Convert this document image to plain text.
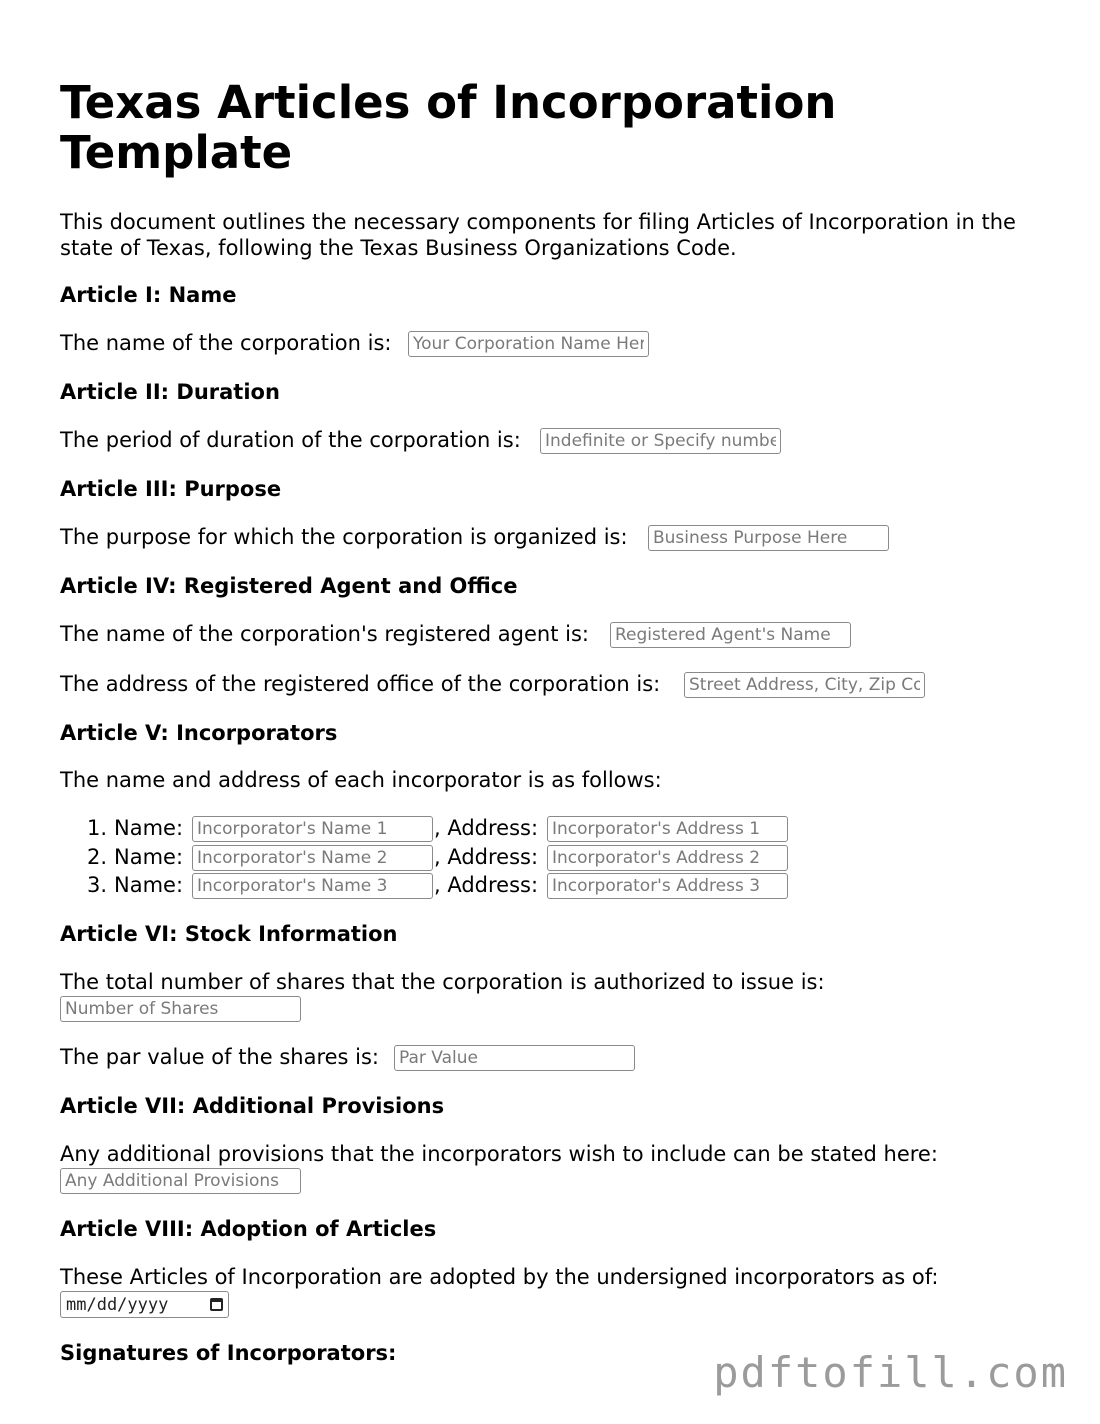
Texas Articles of Incorporation Template

This document outlines the necessary components for filing Articles of Incorporation in the state of Texas, following the Texas Business Organizations Code.

Article I: Name
The name of the corporation is:
Your Corporation Name Here
Article II: Duration
The period of duration of the corporation is:
Indefinite or Specify number of years
Article III: Purpose
The purpose for which the corporation is organized is:
Business Purpose Here
Article IV: Registered Agent and Office
The name of the corporation's registered agent is:
Registered Agent's Name
The address of the registered office of the corporation is:
Street Address, City, Zip Code
Article V: Incorporators
The name and address of each incorporator is as follows:
1. Name:
Incorporator's Name 1	, Address:
Incorporator's Address 1
2. Name:
Incorporator's Name 2	, Address:
Incorporator's Address 2
3. Name:
Incorporator's Name 3	, Address:
Incorporator's Address 3
Article VI: Stock Information
The total number of shares that the corporation is authorized to issue is:
Number of Shares
The par value of the shares is:
Par Value
Article VII: Additional Provisions
Any additional provisions that the incorporators wish to include can be stated here:
Any Additional Provisions
Article VIII: Adoption of Articles
These Articles of Incorporation are adopted by the undersigned incorporators as of:
mm/dd/yyyy
Signatures of Incorporators:	pdftofill.com
